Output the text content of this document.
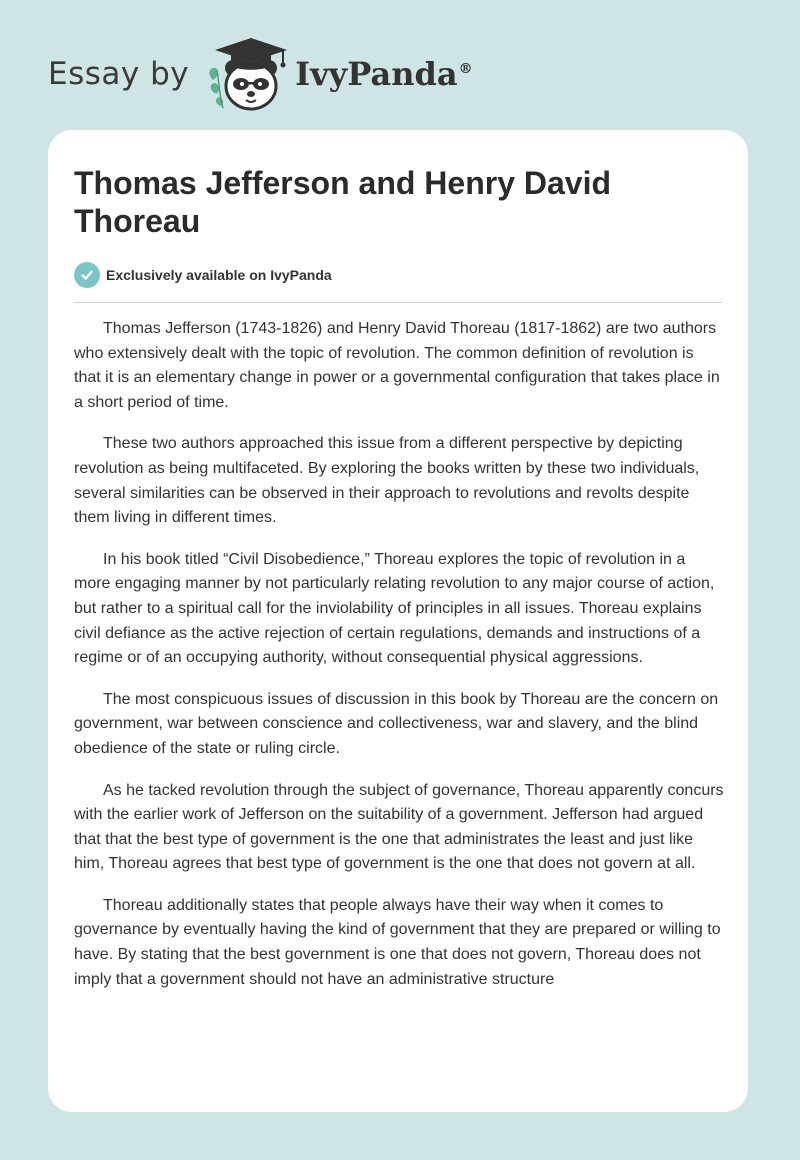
Essay by	IvyPanda®
Thomas Jefferson and Henry David Thoreau
Exclusively available on IvyPanda

Thomas Jefferson (1743-1826) and Henry David Thoreau (1817-1862) are two authors who extensively dealt with the topic of revolution. The common definition of revolution is that it is an elementary change in power or a governmental configuration that takes place in a short period of time.

These two authors approached this issue from a different perspective by depicting revolution as being multifaceted. By exploring the books written by these two individuals, several similarities can be observed in their approach to revolutions and revolts despite them living in different times.

In his book titled “Civil Disobedience,” Thoreau explores the topic of revolution in a more engaging manner by not particularly relating revolution to any major course of action, but rather to a spiritual call for the inviolability of principles in all issues. Thoreau explains civil defiance as the active rejection of certain regulations, demands and instructions of a regime or of an occupying authority, without consequential physical aggressions.

The most conspicuous issues of discussion in this book by Thoreau are the concern on government, war between conscience and collectiveness, war and slavery, and the blind obedience of the state or ruling circle.

As he tacked revolution through the subject of governance, Thoreau apparently concurs with the earlier work of Jefferson on the suitability of a government. Jefferson had argued that that the best type of government is the one that administrates the least and just like him, Thoreau agrees that best type of government is the one that does not govern at all.

Thoreau additionally states that people always have their way when it comes to governance by eventually having the kind of government that they are prepared or willing to have. By stating that the best government is one that does not govern, Thoreau does not imply that a government should not have an administrative structure
